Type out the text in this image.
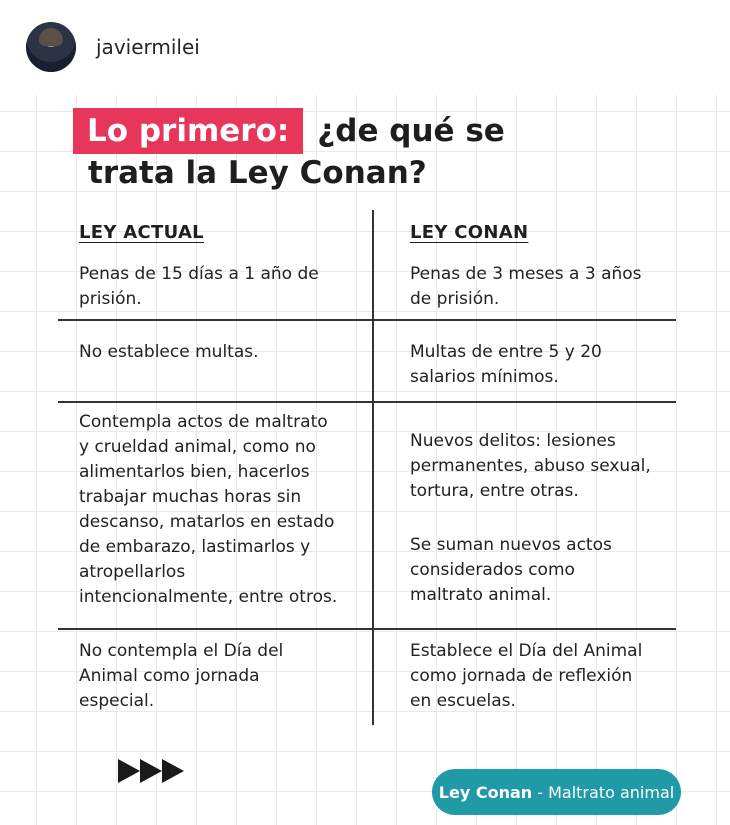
javiermilei
Lo primero: ¿de qué se
trata la Ley Conan?
LEY ACTUAL	LEY CONAN
Penas de 15 días a 1 año de
prisión.
Penas de 3 meses a 3 años
de prisión.
No establece multas.	Multas de entre 5 y 20
salarios mínimos.
Contempla actos de maltrato
y crueldad animal, como no
alimentarlos bien, hacerlos
trabajar muchas horas sin
descanso, matarlos en estado
de embarazo, lastimarlos y
atropellarlos
intencionalmente, entre otros.
Nuevos delitos: lesiones
permanentes, abuso sexual,
tortura, entre otras.
Se suman nuevos actos
considerados como
maltrato animal.
No contempla el Día del
Animal como jornada
especial.
Establece el Día del Animal
como jornada de reflexión
en escuelas.
Ley Conan - Maltrato animal
